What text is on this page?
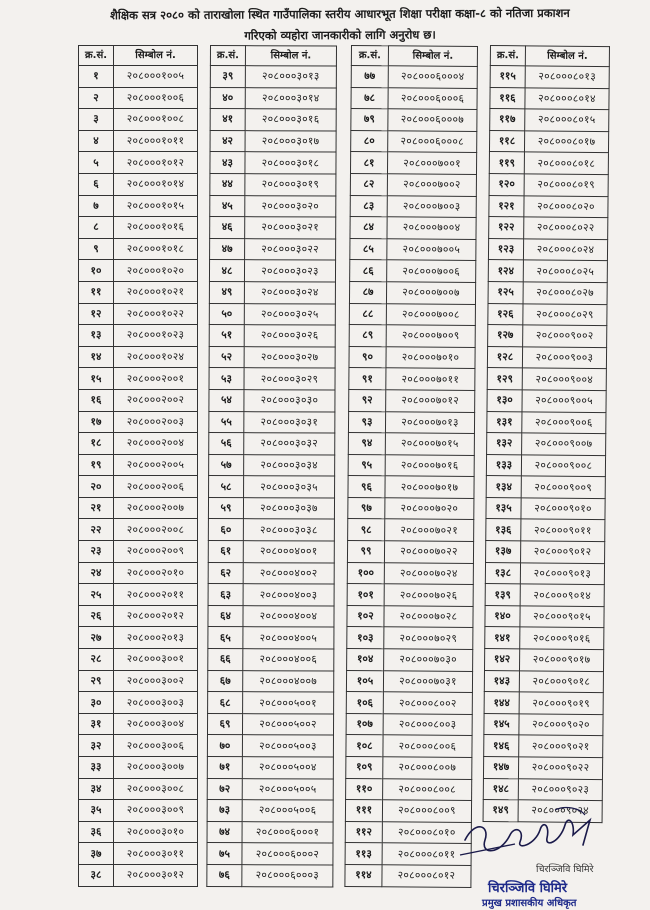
शैक्षिक सत्र २०८० को ताराखोला स्थित गाउँपालिका स्तरीय आधारभूत शिक्षा परीक्षा कक्षा-८ को नतिजा प्रकाशन
गरिएको व्यहोरा जानकारीको लागि अनुरोध छ।
क्र.सं.	सिम्बोल नं.
१	२०८०००१००५
२	२०८०००१००६
३	२०८०००१००८
४	२०८०००१०११
५	२०८०००१०१२
६	२०८०००१०१४
७	२०८०००१०१५
८	२०८०००१०१६
९	२०८०००१०१८
१०	२०८०००१०२०
११	२०८०००१०२१
१२	२०८०००१०२२
१३	२०८०००१०२३
१४	२०८०००१०२४
१५	२०८०००२००१
१६	२०८०००२००२
१७	२०८०००२००३
१८	२०८०००२००४
१९	२०८०००२००५
२०	२०८०००२००६
२१	२०८०००२००७
२२	२०८०००२००८
२३	२०८०००२००९
२४	२०८०००२०१०
२५	२०८०००२०११
२६	२०८०००२०१२
२७	२०८०००२०१३
२८	२०८०००३००१
२९	२०८०००३००२
३०	२०८०००३००३
३१	२०८०००३००४
३२	२०८०००३००६
३३	२०८०००३००७
३४	२०८०००३००८
३५	२०८०००३००९
३६	२०८०००३०१०
३७	२०८०००३०११
३८	२०८०००३०१२
क्र.सं.	सिम्बोल नं.
३९	२०८०००३०१३
४०	२०८०००३०१४
४१	२०८०००३०१६
४२	२०८०००३०१७
४३	२०८०००३०१८
४४	२०८०००३०१९
४५	२०८०००३०२०
४६	२०८०००३०२१
४७	२०८०००३०२२
४८	२०८०००३०२३
४९	२०८०००३०२४
५०	२०८०००३०२५
५१	२०८०००३०२६
५२	२०८०००३०२७
५३	२०८०००३०२९
५४	२०८०००३०३०
५५	२०८०००३०३१
५६	२०८०००३०३२
५७	२०८०००३०३४
५८	२०८०००३०३५
५९	२०८०००३०३७
६०	२०८०००३०३८
६१	२०८०००४००१
६२	२०८०००४००२
६३	२०८०००४००३
६४	२०८०००४००४
६५	२०८०००४००५
६६	२०८०००४००६
६७	२०८०००४००७
६८	२०८०००५००१
६९	२०८०००५००२
७०	२०८०००५००३
७१	२०८०००५००४
७२	२०८०००५००५
७३	२०८०००५००६
७४	२०८०००६०००१
७५	२०८०००६०००२
७६	२०८०००६०००३
क्र.सं.	सिम्बोल नं.
७७	२०८०००६०००४
७८	२०८०००६०००६
७९	२०८०००६०००७
८०	२०८०००६०००८
८१	२०८०००७००१
८२	२०८०००७००२
८३	२०८०००७००३
८४	२०८०००७००४
८५	२०८०००७००५
८६	२०८०००७००६
८७	२०८०००७००७
८८	२०८०००७००८
८९	२०८०००७००९
९०	२०८०००७०१०
९१	२०८०००७०११
९२	२०८०००७०१२
९३	२०८०००७०१३
९४	२०८०००७०१५
९५	२०८०००७०१६
९६	२०८०००७०१७
९७	२०८०००७०२०
९८	२०८०००७०२१
९९	२०८०००७०२२
१००	२०८०००७०२४
१०१	२०८०००७०२६
१०२	२०८०००७०२८
१०३	२०८०००७०२९
१०४	२०८०००७०३०
१०५	२०८०००७०३१
१०६	२०८०००८००२
१०७	२०८०००८००३
१०८	२०८०००८००६
१०९	२०८०००८००७
११०	२०८०००८००८
१११	२०८०००८००९
११२	२०८०००८०१०
११३	२०८०००८०११
११४	२०८०००८०१२
क्र.सं.	सिम्बोल नं.
११५	२०८०००८०१३
११६	२०८०००८०१४
११७	२०८०००८०१५
११८	२०८०००८०१७
११९	२०८०००८०१८
१२०	२०८०००८०१९
१२१	२०८०००८०२०
१२२	२०८०००८०२२
१२३	२०८०००८०२४
१२४	२०८०००८०२५
१२५	२०८०००८०२७
१२६	२०८०००८०२९
१२७	२०८०००९००२
१२८	२०८०००९००३
१२९	२०८०००९००४
१३०	२०८०००९००५
१३१	२०८०००९००६
१३२	२०८०००९००७
१३३	२०८०००९००८
१३४	२०८०००९००९
१३५	२०८०००९०१०
१३६	२०८०००९०११
१३७	२०८०००९०१२
१३८	२०८०००९०१३
१३९	२०८०००९०१४
१४०	२०८०००९०१५
१४१	२०८०००९०१६
१४२	२०८०००९०१७
१४३	२०८०००९०१८
१४४	२०८०००९०१९
१४५	२०८०००९०२०
१४६	२०८०००९०२१
१४७	२०८०००९०२२
१४८	२०८०००९०२३
१४९	२०८०००९०२४
चिरञ्जिवि घिमिरे
चिरञ्जिवि घिमिरे
प्रमुख प्रशासकीय अधिकृत
